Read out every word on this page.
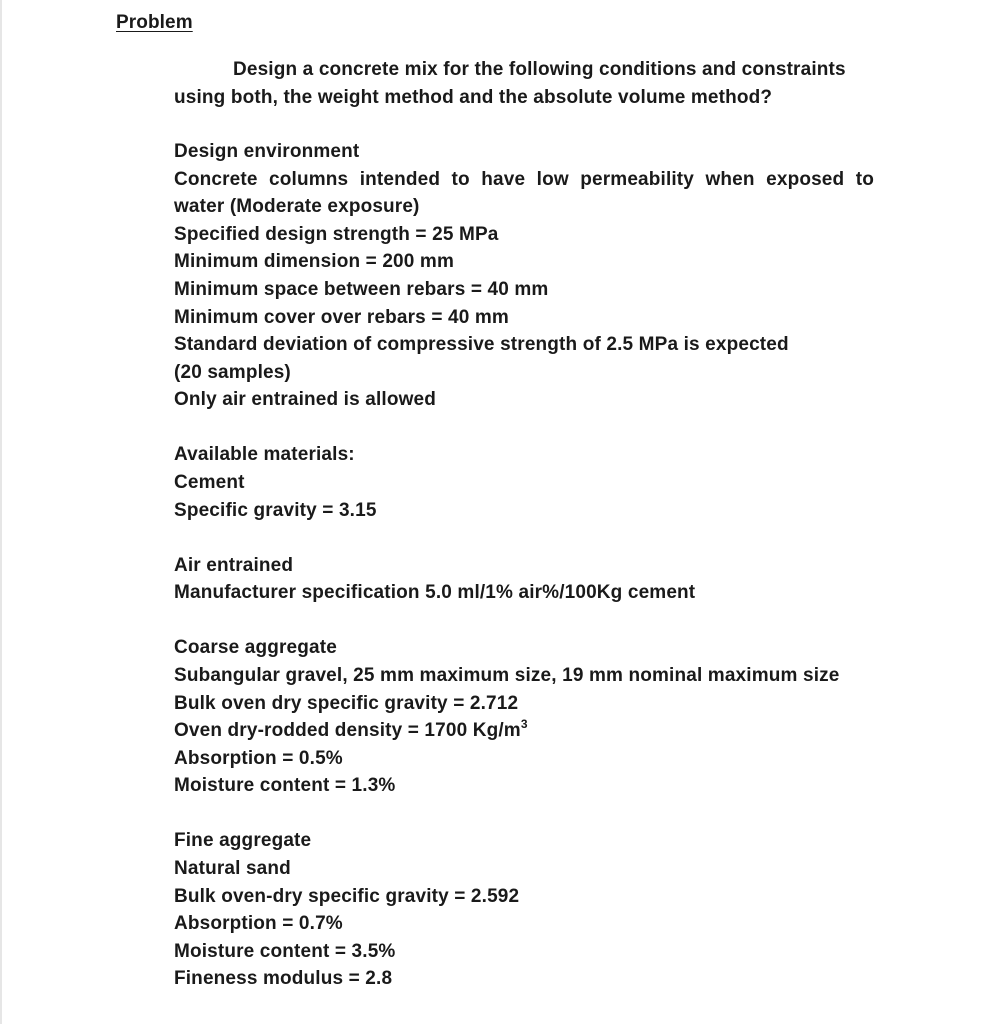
Problem
Design a concrete mix for the following conditions and constraints using both, the weight method and the absolute volume method?
Design environment
Concrete columns intended to have low permeability when exposed to
water (Moderate exposure)
Specified design strength = 25 MPa
Minimum dimension = 200 mm
Minimum space between rebars = 40 mm
Minimum cover over rebars = 40 mm
Standard deviation of compressive strength of 2.5 MPa is expected
(20 samples)
Only air entrained is allowed
Available materials:
Cement
Specific gravity = 3.15
Air entrained
Manufacturer specification 5.0 ml/1% air%/100Kg cement
Coarse aggregate
Subangular gravel, 25 mm maximum size, 19 mm nominal maximum size
Bulk oven dry specific gravity = 2.712
Oven dry-rodded density = 1700 $Kg/m^3$
Absorption = 0.5%
Moisture content = 1.3%
Fine aggregate
Natural sand
Bulk oven-dry specific gravity = 2.592
Absorption = 0.7%
Moisture content = 3.5%
Fineness modulus = 2.8
